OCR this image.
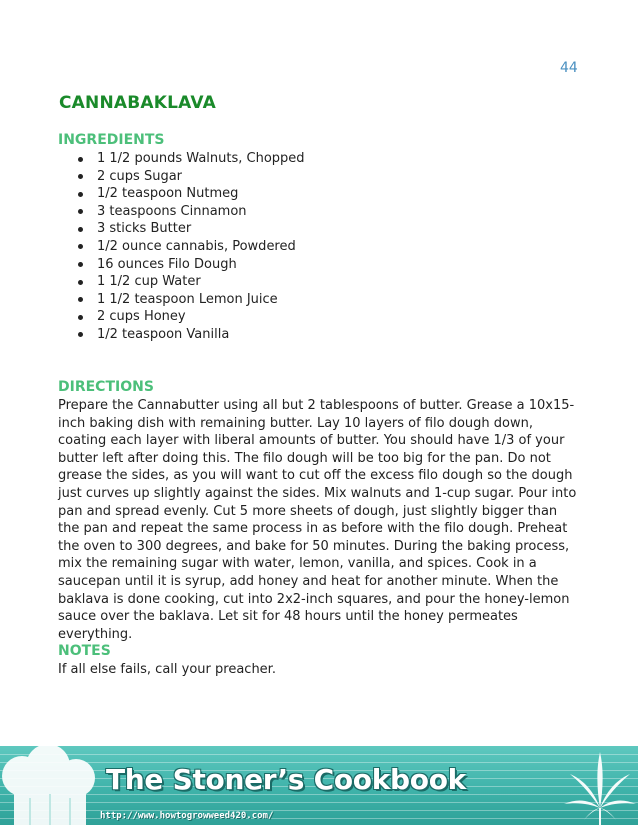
44
CANNABAKLAVA
INGREDIENTS
1 1/2 pounds Walnuts, Chopped
2 cups Sugar
1/2 teaspoon Nutmeg
3 teaspoons Cinnamon
3 sticks Butter
1/2 ounce cannabis, Powdered
16 ounces Filo Dough
1 1/2 cup Water
1 1/2 teaspoon Lemon Juice
2 cups Honey
1/2 teaspoon Vanilla
DIRECTIONS

Prepare the Cannabutter using all but 2 tablespoons of butter. Grease a 10x15-inch baking dish with remaining butter. Lay 10 layers of filo dough down, coating each layer with liberal amounts of butter. You should have 1/3 of your butter left after doing this. The filo dough will be too big for the pan. Do not grease the sides, as you will want to cut off the excess filo dough so the dough just curves up slightly against the sides. Mix walnuts and 1-cup sugar. Pour into pan and spread evenly. Cut 5 more sheets of dough, just slightly bigger than the pan and repeat the same process in as before with the filo dough. Preheat the oven to 300 degrees, and bake for 50 minutes. During the baking process, mix the remaining sugar with water, lemon, vanilla, and spices. Cook in a saucepan until it is syrup, add honey and heat for another minute. When the baklava is done cooking, cut into 2x2-inch squares, and pour the honey-lemon sauce over the baklava. Let sit for 48 hours until the honey permeates everything.

NOTES

If all else fails, call your preacher.

The Stoner’s Cookbook
http://www.howtogrowweed420.com/
